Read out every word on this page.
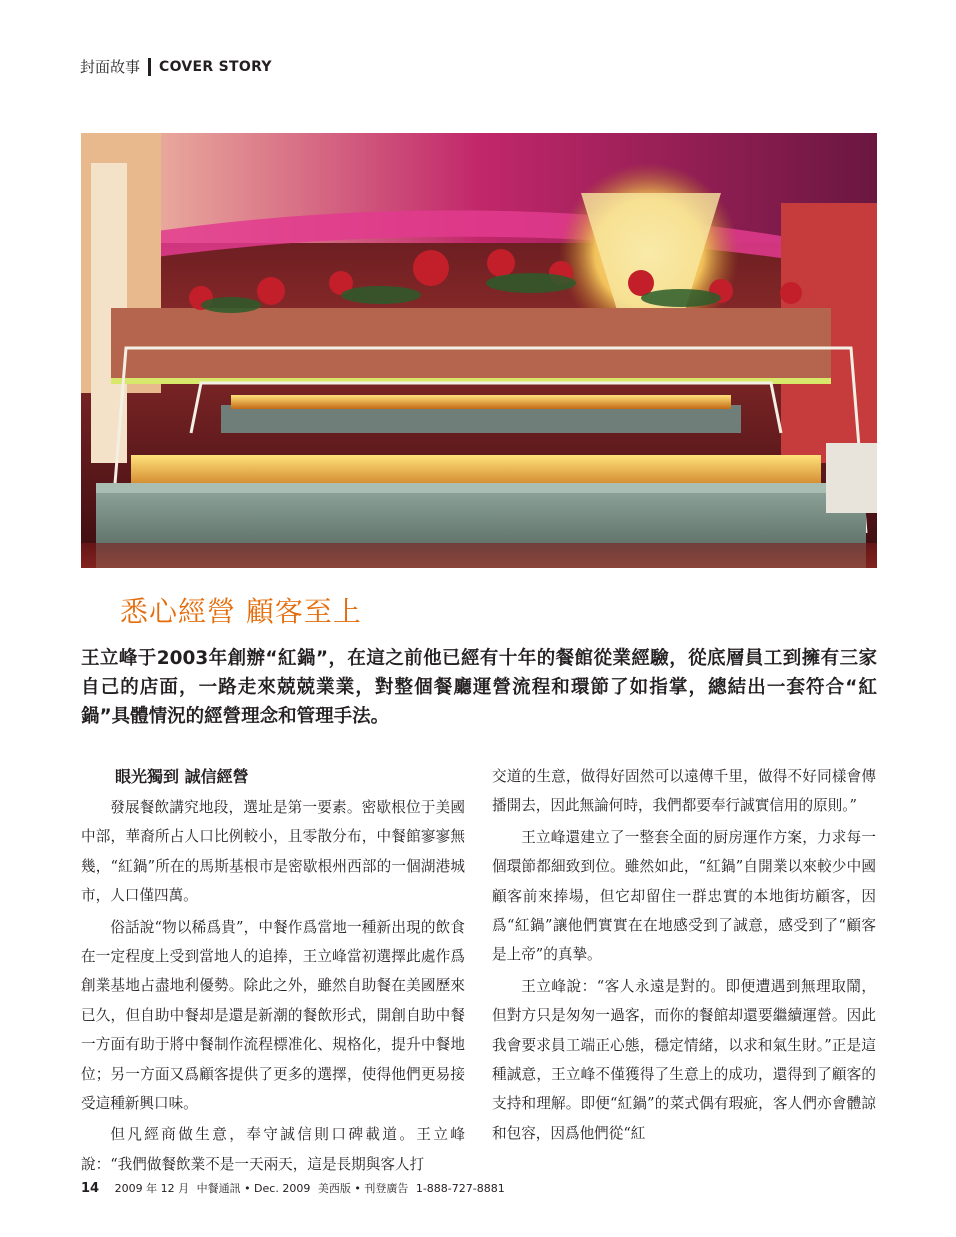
封面故事 COVER STORY
悉心經營 顧客至上

王立峰于2003年創辦“紅鍋”，在這之前他已經有十年的餐館從業經驗，從底層員工到擁有三家自己的店面，一路走來兢兢業業，對整個餐廳運營流程和環節了如指掌，總結出一套符合“紅鍋”具體情況的經營理念和管理手法。

眼光獨到 誠信經營

發展餐飲講究地段，選址是第一要素。密歇根位于美國中部，華裔所占人口比例較小，且零散分布，中餐館寥寥無幾，“紅鍋”所在的馬斯基根市是密歇根州西部的一個湖港城市，人口僅四萬。

俗話說“物以稀爲貴”，中餐作爲當地一種新出現的飲食在一定程度上受到當地人的追捧，王立峰當初選擇此處作爲創業基地占盡地利優勢。除此之外，雖然自助餐在美國歷來已久，但自助中餐却是還是新潮的餐飲形式，開創自助中餐一方面有助于將中餐制作流程標准化、規格化，提升中餐地位；另一方面又爲顧客提供了更多的選擇，使得他們更易接受這種新興口味。

但凡經商做生意，奉守誠信則口碑載道。王立峰說：“我們做餐飲業不是一天兩天，這是長期與客人打

交道的生意，做得好固然可以遠傳千里，做得不好同樣會傳播開去，因此無論何時，我們都要奉行誠實信用的原則。”

王立峰還建立了一整套全面的厨房運作方案，力求每一個環節都細致到位。雖然如此，“紅鍋”自開業以來較少中國顧客前來捧場，但它却留住一群忠實的本地街坊顧客，因爲“紅鍋”讓他們實實在在地感受到了誠意，感受到了“顧客是上帝”的真摯。

王立峰說：“客人永遠是對的。即便遭遇到無理取鬧，但對方只是匆匆一過客，而你的餐館却還要繼續運營。因此我會要求員工端正心態，穩定情緒，以求和氣生財。”正是這種誠意，王立峰不僅獲得了生意上的成功，還得到了顧客的支持和理解。即便“紅鍋”的菜式偶有瑕疵，客人們亦會體諒和包容，因爲他們從“紅

14 2009 年 12 月 中餐通訊 • Dec. 2009 美西版 • 刊登廣告 1-888-727-8881
